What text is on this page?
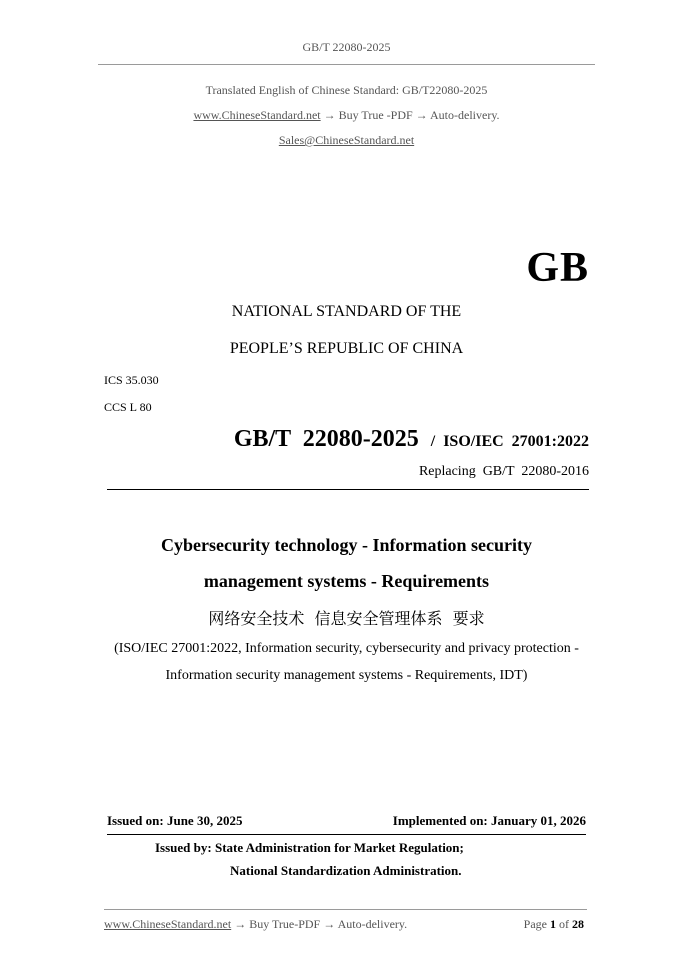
GB/T 22080-2025
Translated English of Chinese Standard: GB/T22080-2025
www.ChineseStandard.net → Buy True -PDF → Auto-delivery.
Sales@ChineseStandard.net
GB
NATIONAL STANDARD OF THE
PEOPLE’S REPUBLIC OF CHINA
ICS 35.030
CCS L 80
GB/T  22080-2025 / ISO/IEC  27001:2022
Replacing  GB/T  22080-2016
Cybersecurity technology - Information security
management systems - Requirements
网络安全技术  信息安全管理体系  要求
(ISO/IEC 27001:2022, Information security, cybersecurity and privacy protection -
Information security management systems - Requirements, IDT)
Issued on: June 30, 2025	Implemented on: January 01, 2026
Issued by: State Administration for Market Regulation;
National Standardization Administration.
www.ChineseStandard.net → Buy True-PDF → Auto-delivery.	Page 1 of 28
